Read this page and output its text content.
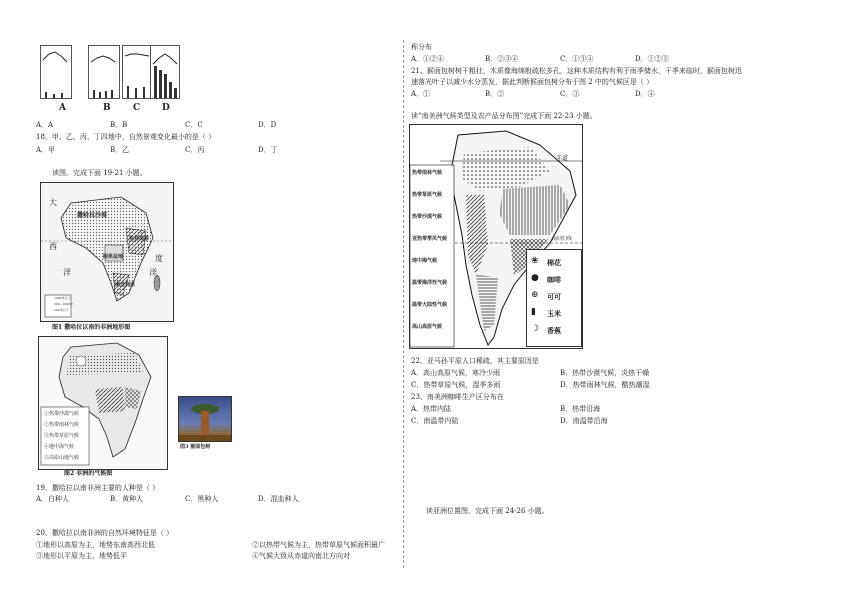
A	B C D
A．A	B．B	C．C	D．D
18、甲、乙、丙、丁四地中，自然景观变化最小的是（ ）
A．甲	B．乙	C．丙	D．丁
读图。完成下面 19-21 小题。
大
西
洋
撒哈拉沙漠
东非高原
刚果盆地	度
洋
南非高原
1000米以上
200~1000米
200米以下
图1 撒哈拉以南的非洲地形图
①热带沙漠气候
②热带雨林气候
③热带草原气候
④地中海气候
⑤高原山地气候
图2 非洲的气候图
图3 猴面包树
19、撒哈拉以南非洲主要的人种是（ ）
A．白种人	B．黄种人	C．黑种人	D．混血种人
20、撒哈拉以南非洲的自然环境特征是（ ）
①地形以高原为主，地势东南高西北低	②以热带气候为主，热带草原气候面积最广
③地形以平原为主，地势低平	④气候大致从赤道向南北方向对
称分布
A．①②④	B．②③④	C．①③④	D．①②③
21、猴面包树树干粗壮，木质像海绵般疏松多孔，这种木质结构有利于雨季储水，干季来临时，猴面包树迅
速落光叶子以减少水分蒸发，据此判断猴面包树分布于图 2 中的气候区是（ ）
A．①	B．②	C．③	D．④
读“南美洲气候类型及农产品分布图”完成下面 22-23 小题。
赤道
南回归线
热带雨林气候
热带草原气候
热带沙漠气候
亚热带季风气候
地中海气候
温带海洋性气候
温带大陆性气候
高山高原气候
❀ 棉花
● 咖啡
⊕ 可可
▮ 玉米
☽ 香蕉
22、亚马孙平原人口稀疏，其主要原因是
A．高山高原气候，寒冷少雨	B．热带沙漠气候，炎热干燥
C．热带草原气候，湿季多雨	D．热带雨林气候，酷热潮湿
23、南美洲咖啡生产区分布在
A．热带内陆	B．热带沿海
C．南温带内陆	D．南温带沿海
读亚洲位置图，完成下面 24-26 小题。
